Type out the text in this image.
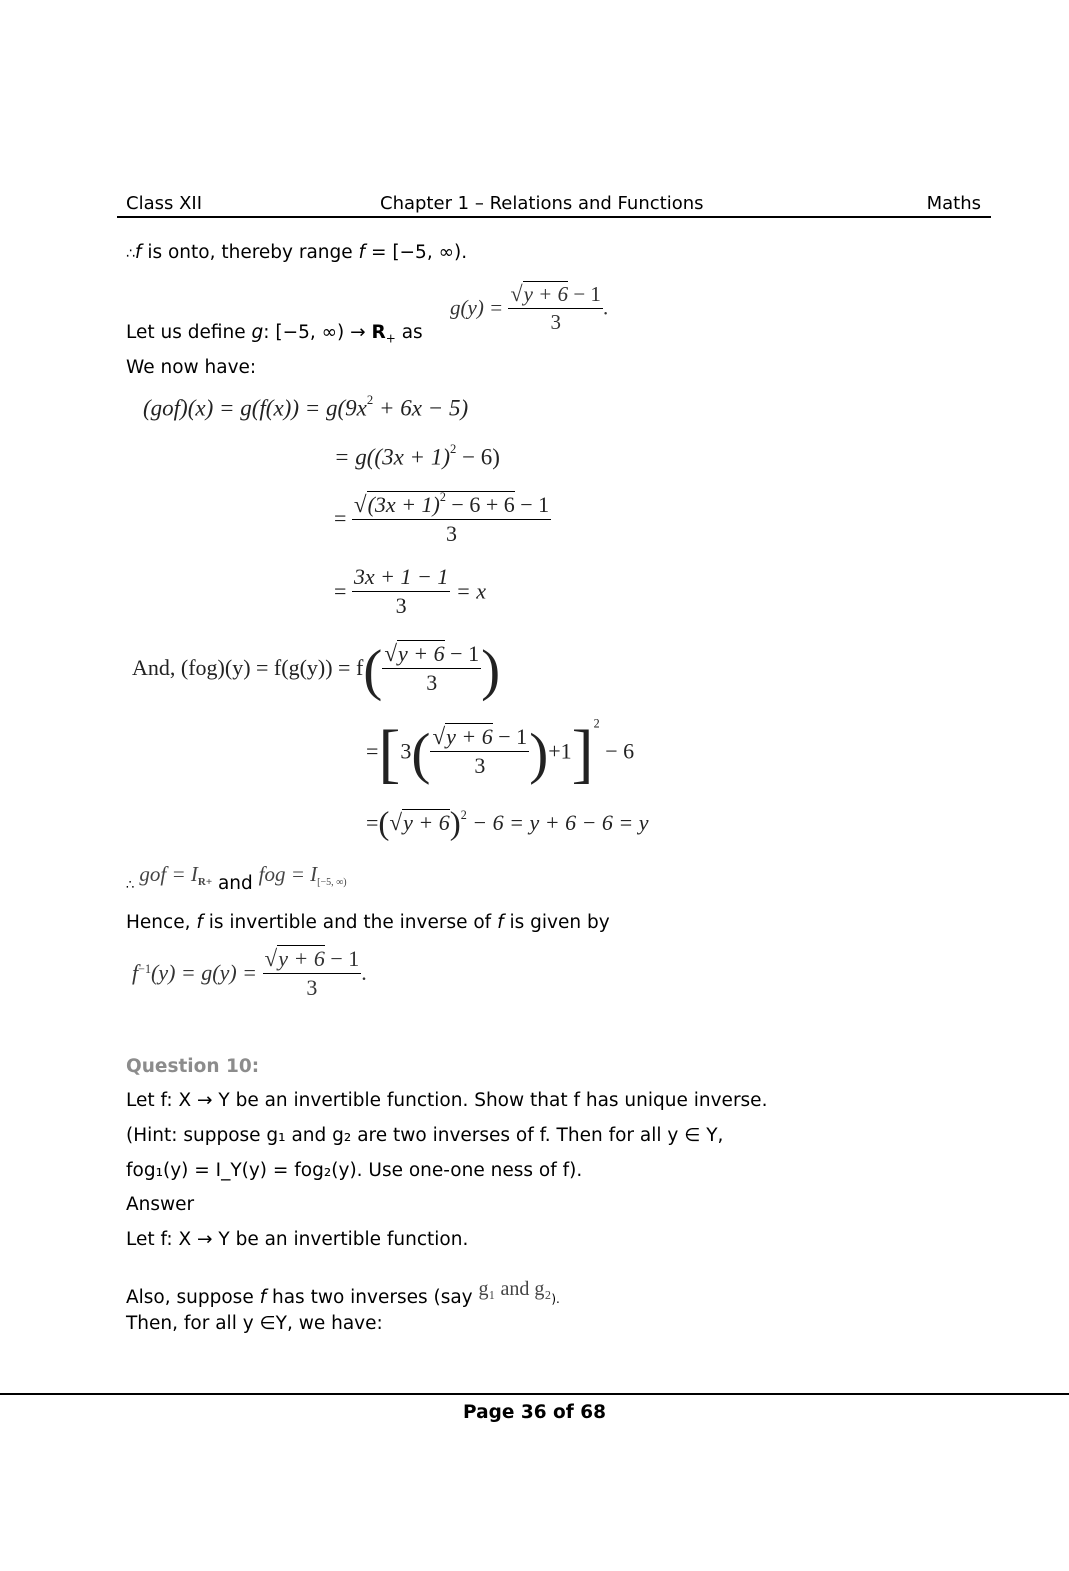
Class XII	Chapter 1 – Relations and Functions	Maths
∴f is onto, thereby range f = [−5, ∞).
Let us define g: [−5, ∞) → $R_+$ as
$g(y) = \frac{√y + 6 - 1}{3}$ .
We now have:
$(gof)(x) = g(f(x)) = g(9x^2 + 6x - 5)$
= $g((3x + 1)^2 - 6)$
= $\frac{√(3x + 1)^2 - 6 + 6 - 1}{3}$
= $\frac{3x + 1 - 1}{3} = x$
And, $(fog)(y) = f(g(y)) = f( \frac{√y + 6 - 1}{3}$ )
$=[3( \frac{√y + 6 - 1}{3} )+1]^2 - 6$
$=(√y + 6)^2 - 6 = y + 6 - 6 = y$
$_\therefore$ gof = $I_{R+}$ and fog = $I_{[-5, \infty)}$
Hence, f is invertible and the inverse of f is given by
$f^{-1}(y) = g(y) = \frac{√y + 6 - 1}{3}$ .
Question 10:
Let f: X → Y be an invertible function. Show that f has unique inverse.
(Hint: suppose g₁ and g₂ are two inverses of f. Then for all y ∈ Y,
fog₁(y) = I_Y(y) = fog₂(y). Use one-one ness of f).
Answer
Let f: X → Y be an invertible function.
Also, suppose f has two inverses (say g₁ and g₂).
Then, for all y ∈Y, we have:
Page 36 of 68
